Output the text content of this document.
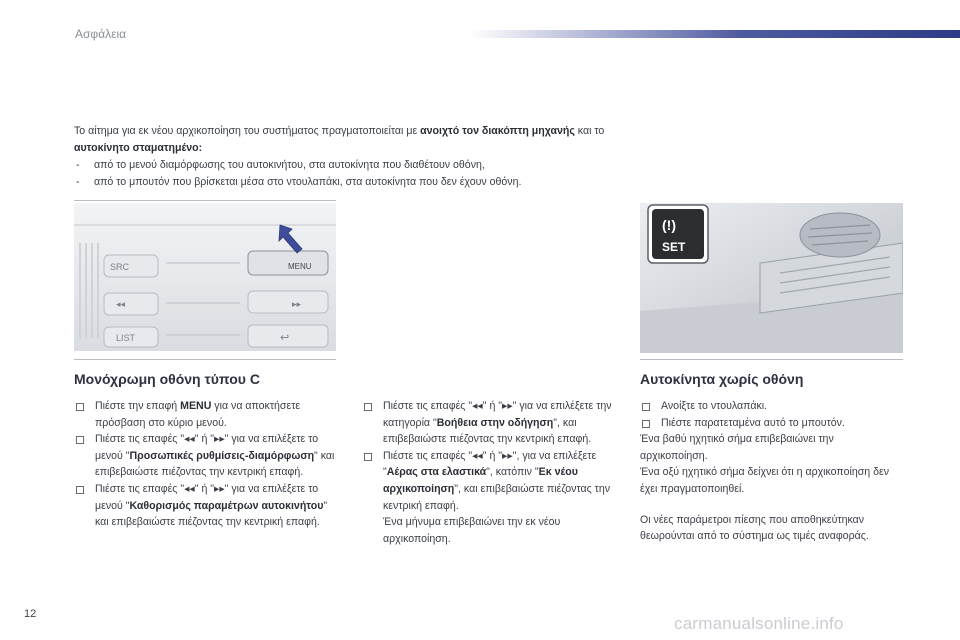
Ασφάλεια
Το αίτημα για εκ νέου αρχικοποίηση του συστήματος πραγματοποιείται με ανοιχτό τον διακόπτη μηχανής και το αυτοκίνητο σταματημένο:
- από το μενού διαμόρφωσης του αυτοκινήτου, στα αυτοκίνητα που διαθέτουν οθόνη,
- από το μπουτόν που βρίσκεται μέσα στο ντουλαπάκι, στα αυτοκίνητα που δεν έχουν οθόνη.
SRC
◂◂
LIST
MENU
▸▸
↩
(!)
SET
Μονόχρωμη οθόνη τύπου C	Αυτοκίνητα χωρίς οθόνη
Πιέστε την επαφή MENU για να αποκτήσετε πρόσβαση στο κύριο μενού.
Πιέστε τις επαφές "◂◂" ή "▸▸" για να επιλέξετε το μενού "Προσωπικές ρυθμίσεις-διαμόρφωση" και επιβεβαιώστε πιέζοντας την κεντρική επαφή.
Πιέστε τις επαφές "◂◂" ή "▸▸" για να επιλέξετε το μενού "Καθορισμός παραμέτρων αυτοκινήτου" και επιβεβαιώστε πιέζοντας την κεντρική επαφή.
Πιέστε τις επαφές "◂◂" ή "▸▸" για να επιλέξετε την κατηγορία "Βοήθεια στην οδήγηση", και επιβεβαιώστε πιέζοντας την κεντρική επαφή.
Πιέστε τις επαφές "◂◂" ή "▸▸", για να επιλέξετε "Αέρας στα ελαστικά", κατόπιν "Εκ νέου αρχικοποίηση", και επιβεβαιώστε πιέζοντας την κεντρική επαφή.
Ένα μήνυμα επιβεβαιώνει την εκ νέου αρχικοποίηση.
Ανοίξτε το ντουλαπάκι.
Πιέστε παρατεταμένα αυτό το μπουτόν.
Ένα βαθύ ηχητικό σήμα επιβεβαιώνει την αρχικοποίηση.
Ένα οξύ ηχητικό σήμα δείχνει ότι η αρχικοποίηση δεν έχει πραγματοποιηθεί.
Οι νέες παράμετροι πίεσης που αποθηκεύτηκαν θεωρούνται από το σύστημα ως τιμές αναφοράς.
12	carmanualsonline.info
